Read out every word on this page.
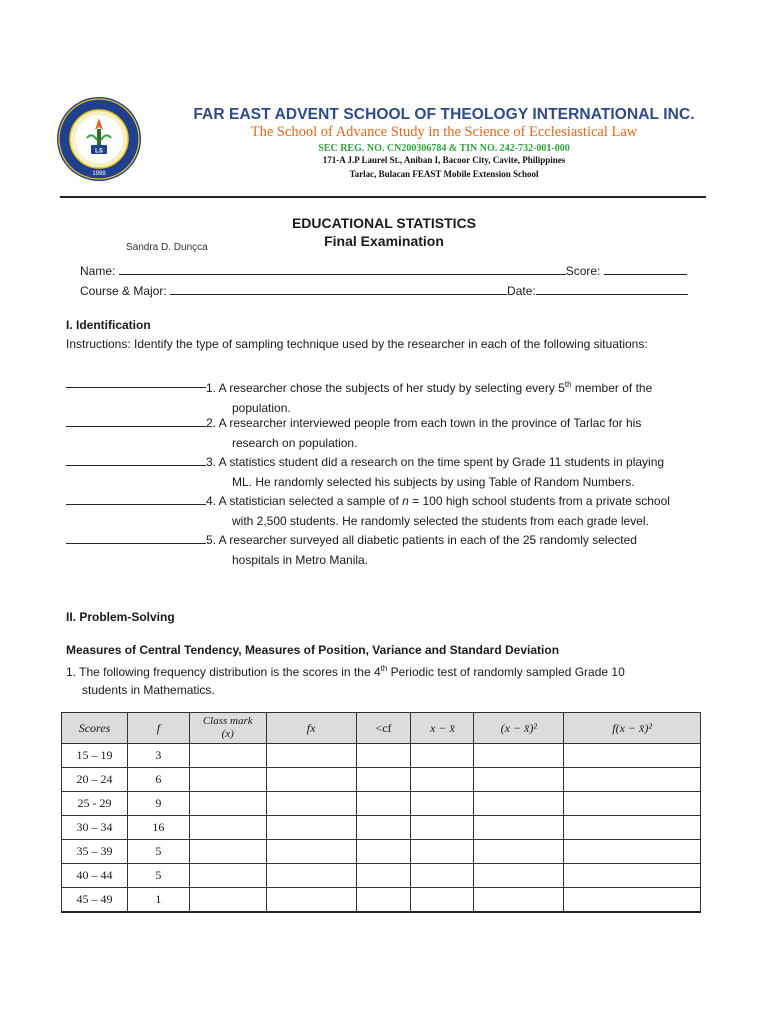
LS
1998
FAR EAST ADVENT SCHOOL OF THEOLOGY INTERNATIONAL INC.
The School of Advance Study in the Science of Ecclesiastical Law
SEC REG. NO. CN200306784 & TIN NO. 242-732-001-000
171-A J.P Laurel St., Aniban I, Bacoor City, Cavite, Philippines
Tarlac, Bulacan FEAST Mobile Extension School
EDUCATIONAL STATISTICS
Final Examination
Sandra D. Dunçca
Name:	Score:
Course & Major:	Date:
I. Identification
Instructions: Identify the type of sampling technique used by the researcher in each of the following situations:
1. A researcher chose the subjects of her study by selecting every 5th member of the
population.
2. A researcher interviewed people from each town in the province of Tarlac for his
research on population.
3. A statistics student did a research on the time spent by Grade 11 students in playing
ML. He randomly selected his subjects by using Table of Random Numbers.
4. A statistician selected a sample of n = 100 high school students from a private school
with 2,500 students. He randomly selected the students from each grade level.
5. A researcher surveyed all diabetic patients in each of the 25 randomly selected
hospitals in Metro Manila.
II. Problem-Solving
Measures of Central Tendency, Measures of Position, Variance and Standard Deviation
1. The following frequency distribution is the scores in the 4th Periodic test of randomly sampled Grade 10
students in Mathematics.
Scores	f	Class mark
(x)	fx	<cf	x − x̄	(x − x̄)²	f(x − x̄)²
15 – 19	3						
20 – 24	6						
25 - 29	9						
30 – 34	16						
35 – 39	5						
40 – 44	5						
45 – 49	1						
